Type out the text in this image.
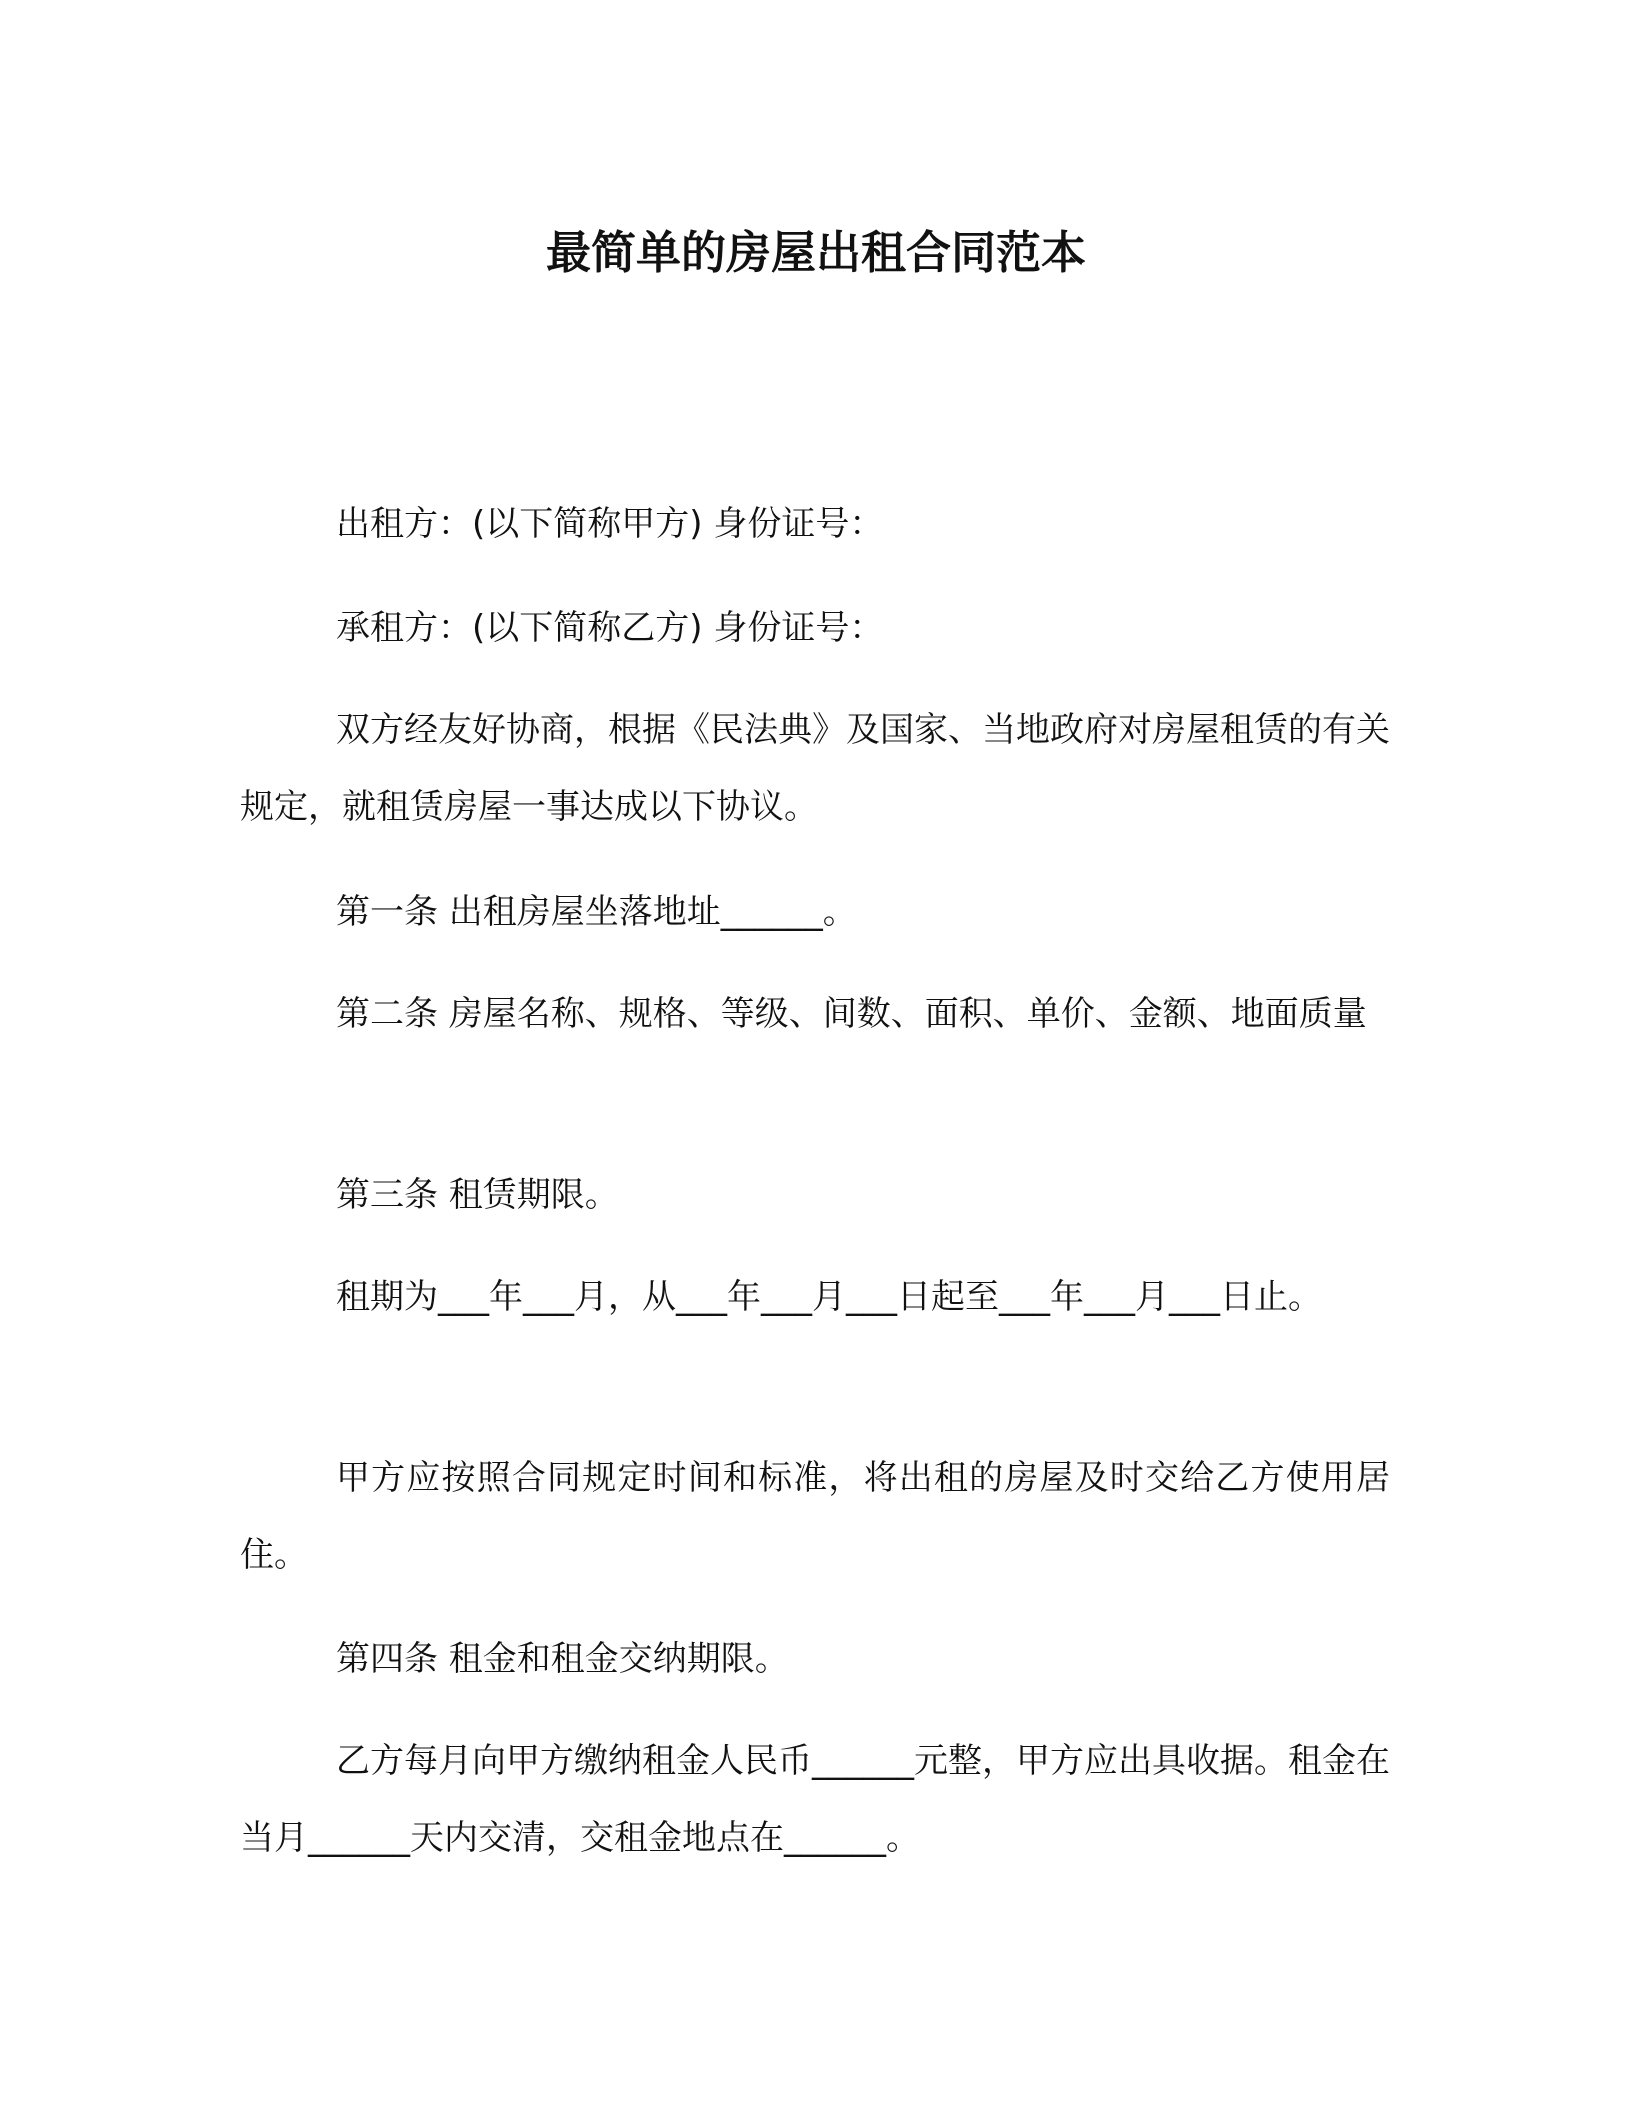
最简单的房屋出租合同范本
出租方：(以下简称甲方) 身份证号：
承租方：(以下简称乙方) 身份证号：
双方经友好协商，根据《民法典》及国家、当地政府对房屋租赁的有关规定，就租赁房屋一事达成以下协议。
第一条 出租房屋坐落地址______。
第二条 房屋名称、规格、等级、间数、面积、单价、金额、地面质量
第三条 租赁期限。
租期为___年___月，从___年___月___日起至___年___月___日止。
甲方应按照合同规定时间和标准，将出租的房屋及时交给乙方使用居住。
第四条 租金和租金交纳期限。
乙方每月向甲方缴纳租金人民币______元整，甲方应出具收据。租金在当月______天内交清，交租金地点在______。
